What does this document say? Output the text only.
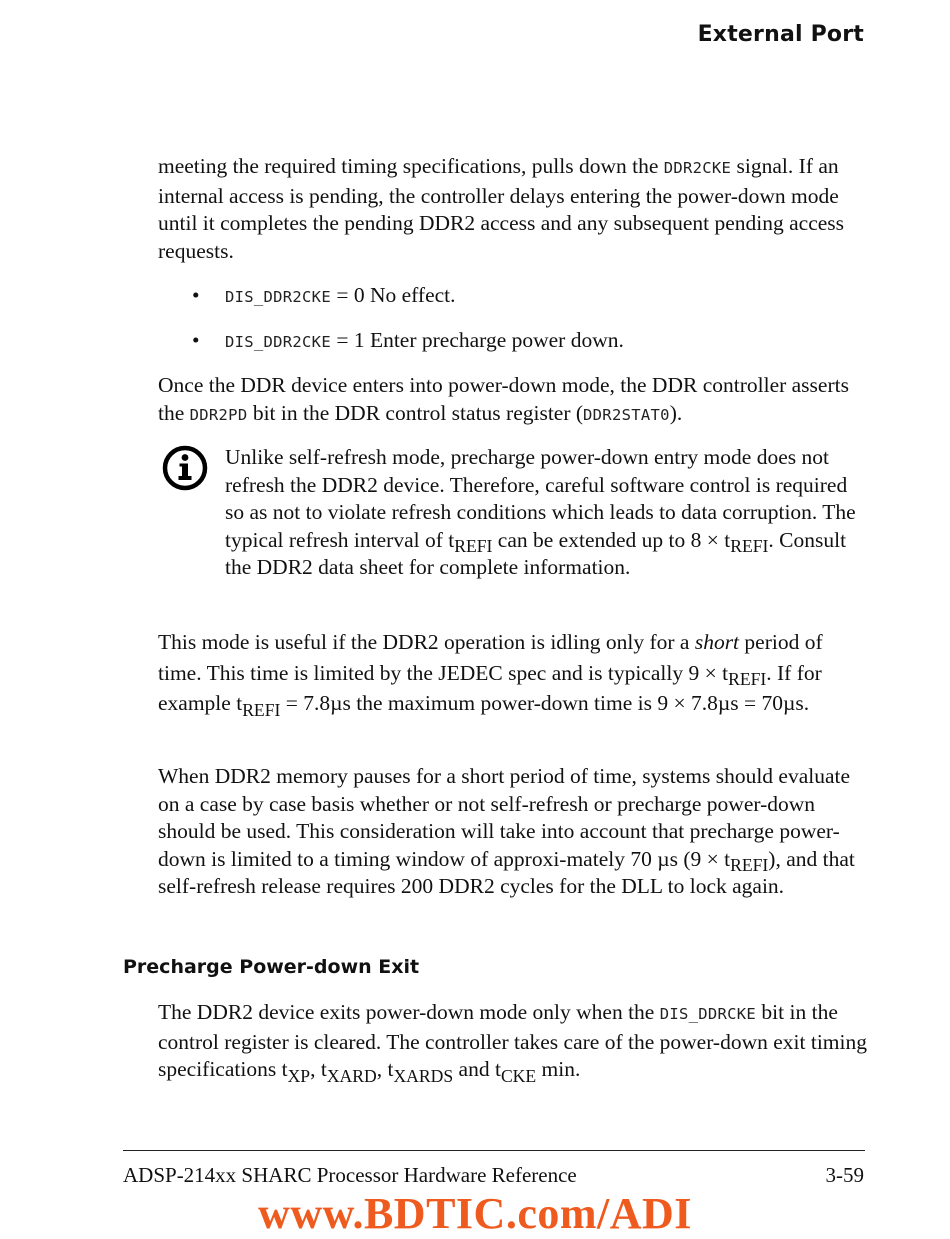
External Port

meeting the required timing specifications, pulls down the DDR2CKE signal. If an internal access is pending, the controller delays entering the power-down mode until it completes the pending DDR2 access and any subsequent pending access requests.

• DIS_DDR2CKE = 0 No effect.
• DIS_DDR2CKE = 1 Enter precharge power down.

Once the DDR device enters into power-down mode, the DDR controller asserts the DDR2PD bit in the DDR control status register (DDR2STAT0).

Unlike self-refresh mode, precharge power-down entry mode does not refresh the DDR2 device. Therefore, careful software control is required so as not to violate refresh conditions which leads to data corruption. The typical refresh interval of $t_{REFI}$ can be extended up to $8 \times t_{REFI}$. Consult the DDR2 data sheet for complete information.

This mode is useful if the DDR2 operation is idling only for a short period of time. This time is limited by the JEDEC spec and is typically $9 \times t_{REFI}$. If for example $t_{REFI} = 7.8\mu s$ the maximum power-down time is 9 × 7.8µs = 70µs.

When DDR2 memory pauses for a short period of time, systems should evaluate on a case by case basis whether or not self-refresh or precharge power-down should be used. This consideration will take into account that precharge power-down is limited to a timing window of approxi-mately 70 µs $(9 \times t_{REFI})$, and that self-refresh release requires 200 DDR2 cycles for the DLL to lock again.

Precharge Power-down Exit

The DDR2 device exits power-down mode only when the DIS_DDRCKE bit in the control register is cleared. The controller takes care of the power-down exit timing specifications $t_{XP}$, $t_{XARD}$, $t_{XARDS}$ and $t_{CKE}$ min.

ADSP-214xx SHARC Processor Hardware Reference	3-59
www.BDTIC.com/ADI
